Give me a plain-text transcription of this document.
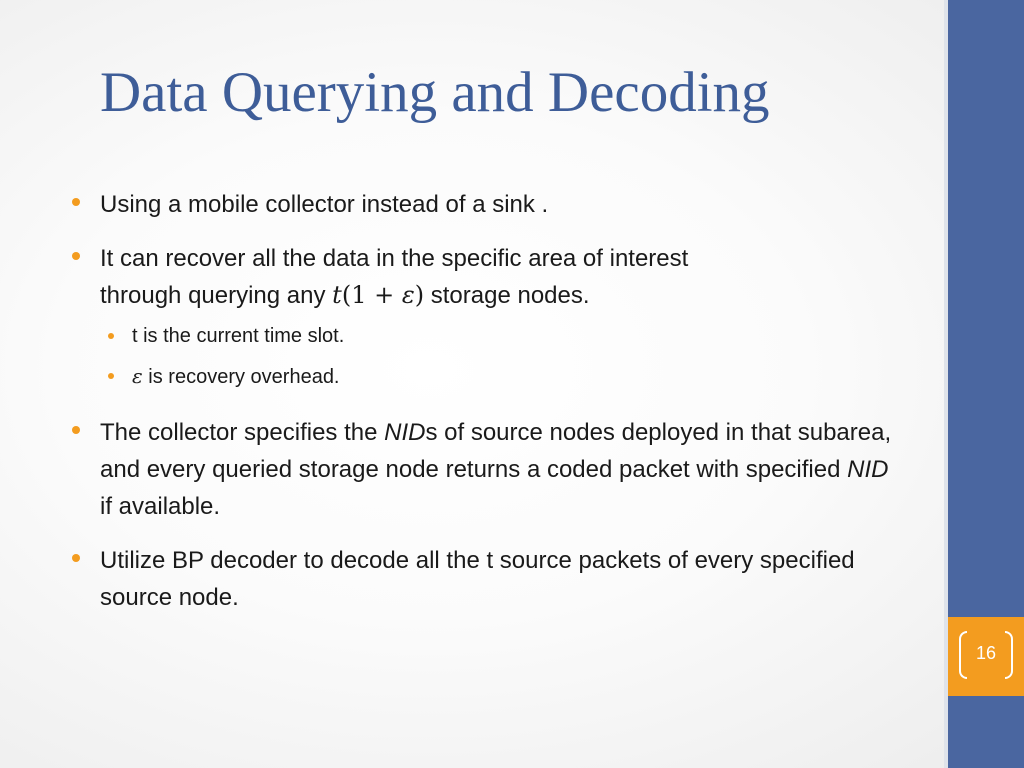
16
Data Querying and Decoding
Using a mobile collector instead of a sink .
It can recover all the data in the specific area of interest
through querying any t(1 + ε) storage nodes.
t is the current time slot.
ε is recovery overhead.
The collector specifies the NIDs of source nodes deployed in that subarea, and every queried storage node returns a coded packet with specified NID if available.
Utilize BP decoder to decode all the t source packets of every specified source node.
